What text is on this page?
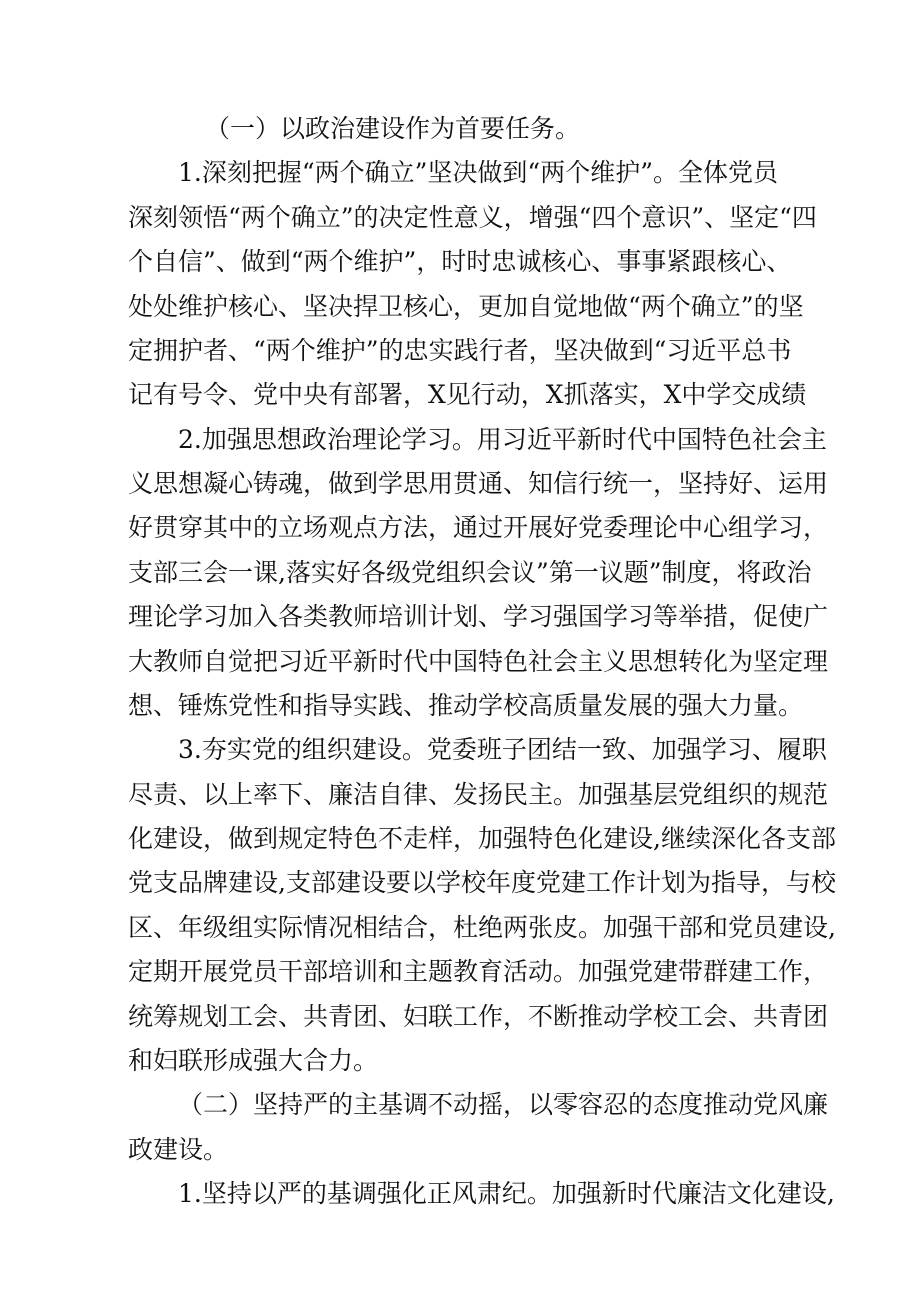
（一）以政治建设作为首要任务。
1.深刻把握“两个确立”坚决做到“两个维护”。全体党员
深刻领悟“两个确立”的决定性意义，增强“四个意识”、坚定“四
个自信”、做到“两个维护”，时时忠诚核心、事事紧跟核心、
处处维护核心、坚决捍卫核心，更加自觉地做“两个确立”的坚
定拥护者、“两个维护”的忠实践行者，坚决做到“习近平总书
记有号令、党中央有部署，X见行动，X抓落实，X中学交成绩
2.加强思想政治理论学习。用习近平新时代中国特色社会主
义思想凝心铸魂，做到学思用贯通、知信行统一，坚持好、运用
好贯穿其中的立场观点方法，通过开展好党委理论中心组学习，
支部三会一课,落实好各级党组织会议”第一议题”制度，将政治
理论学习加入各类教师培训计划、学习强国学习等举措，促使广
大教师自觉把习近平新时代中国特色社会主义思想转化为坚定理
想、锤炼党性和指导实践、推动学校高质量发展的强大力量。
3.夯实党的组织建设。党委班子团结一致、加强学习、履职
尽责、以上率下、廉洁自律、发扬民主。加强基层党组织的规范
化建设，做到规定特色不走样，加强特色化建设,继续深化各支部
党支品牌建设,支部建设要以学校年度党建工作计划为指导，与校
区、年级组实际情况相结合，杜绝两张皮。加强干部和党员建设,
定期开展党员干部培训和主题教育活动。加强党建带群建工作，
统筹规划工会、共青团、妇联工作，不断推动学校工会、共青团
和妇联形成强大合力。
（二）坚持严的主基调不动摇，以零容忍的态度推动党风廉
政建设。
1.坚持以严的基调强化正风肃纪。加强新时代廉洁文化建设,
